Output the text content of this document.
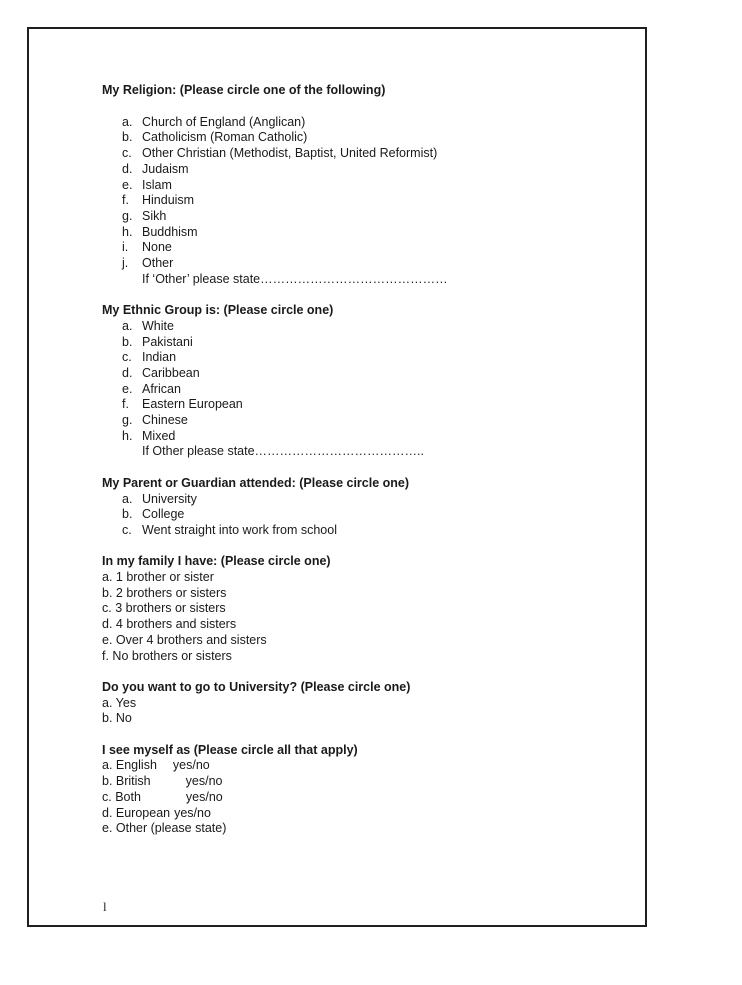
My Religion: (Please circle one of the following)

a. Church of England (Anglican)
b. Catholicism (Roman Catholic)
c. Other Christian (Methodist, Baptist, United Reformist)
d. Judaism
e. Islam
f.	Hinduism
g. Sikh
h. Buddhism
i.	None
j.	Other
If ‘Other’ please state………………………………………

My Ethnic Group is: (Please circle one)

a. White
b. Pakistani
c. Indian
d. Caribbean
e. African
f.	Eastern European
g. Chinese
h. Mixed
If Other please state…………………………………..

My Parent or Guardian attended: (Please circle one)

a. University
b. College
c. Went straight into work from school

In my family I have: (Please circle one)

a. 1 brother or sister
b. 2 brothers or sisters
c. 3 brothers or sisters
d. 4 brothers and sisters
e. Over 4 brothers and sisters
f. No brothers or sisters

Do you want to go to University? (Please circle one)

a. Yes
b. No

I see myself as (Please circle all that apply)

a. English yes/no
b. British	yes/no
c. Both	yes/no
d. European yes/no
e. Other (please state)
l
